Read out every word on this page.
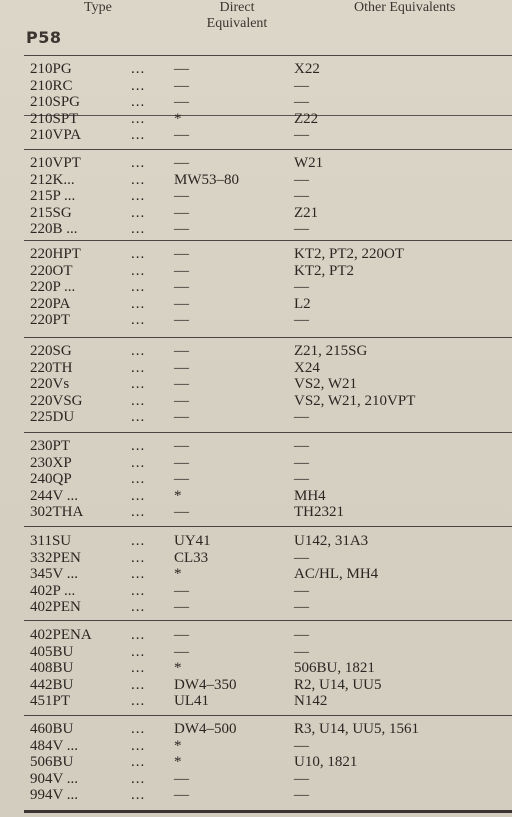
Type	Direct
Equivalent
Other Equivalents
P58
210PG	... —	X22
210RC	... —	—
210SPG	... —	—
210SPT	... *	Z22
210VPA	... —	—
210VPT	... —	W21
212K...	... MW53–80	—
215P ...	... —	—
215SG	... —	Z21
220B ...	... —	—
220HPT	... —	KT2, PT2, 220OT
220OT	... —	KT2, PT2
220P ...	... —	—
220PA	... —	L2
220PT	... —	—
220SG	... —	Z21, 215SG
220TH	... —	X24
220Vs	... —	VS2, W21
220VSG	... —	VS2, W21, 210VPT
225DU	... —	—
230PT	... —	—
230XP	... —	—
240QP	... —	—
244V ...	... *	MH4
302THA	... —	TH2321
311SU	... UY41	U142, 31A3
332PEN	... CL33	—
345V ...	... *	AC/HL, MH4
402P ...	... —	—
402PEN	... —	—
402PENA	... —	—
405BU	... —	—
408BU	... *	506BU, 1821
442BU	... DW4–350	R2, U14, UU5
451PT	... UL41	N142
460BU	... DW4–500	R3, U14, UU5, 1561
484V ...	... *	—
506BU	... *	U10, 1821
904V ...	... —	—
994V ...	... —	—
